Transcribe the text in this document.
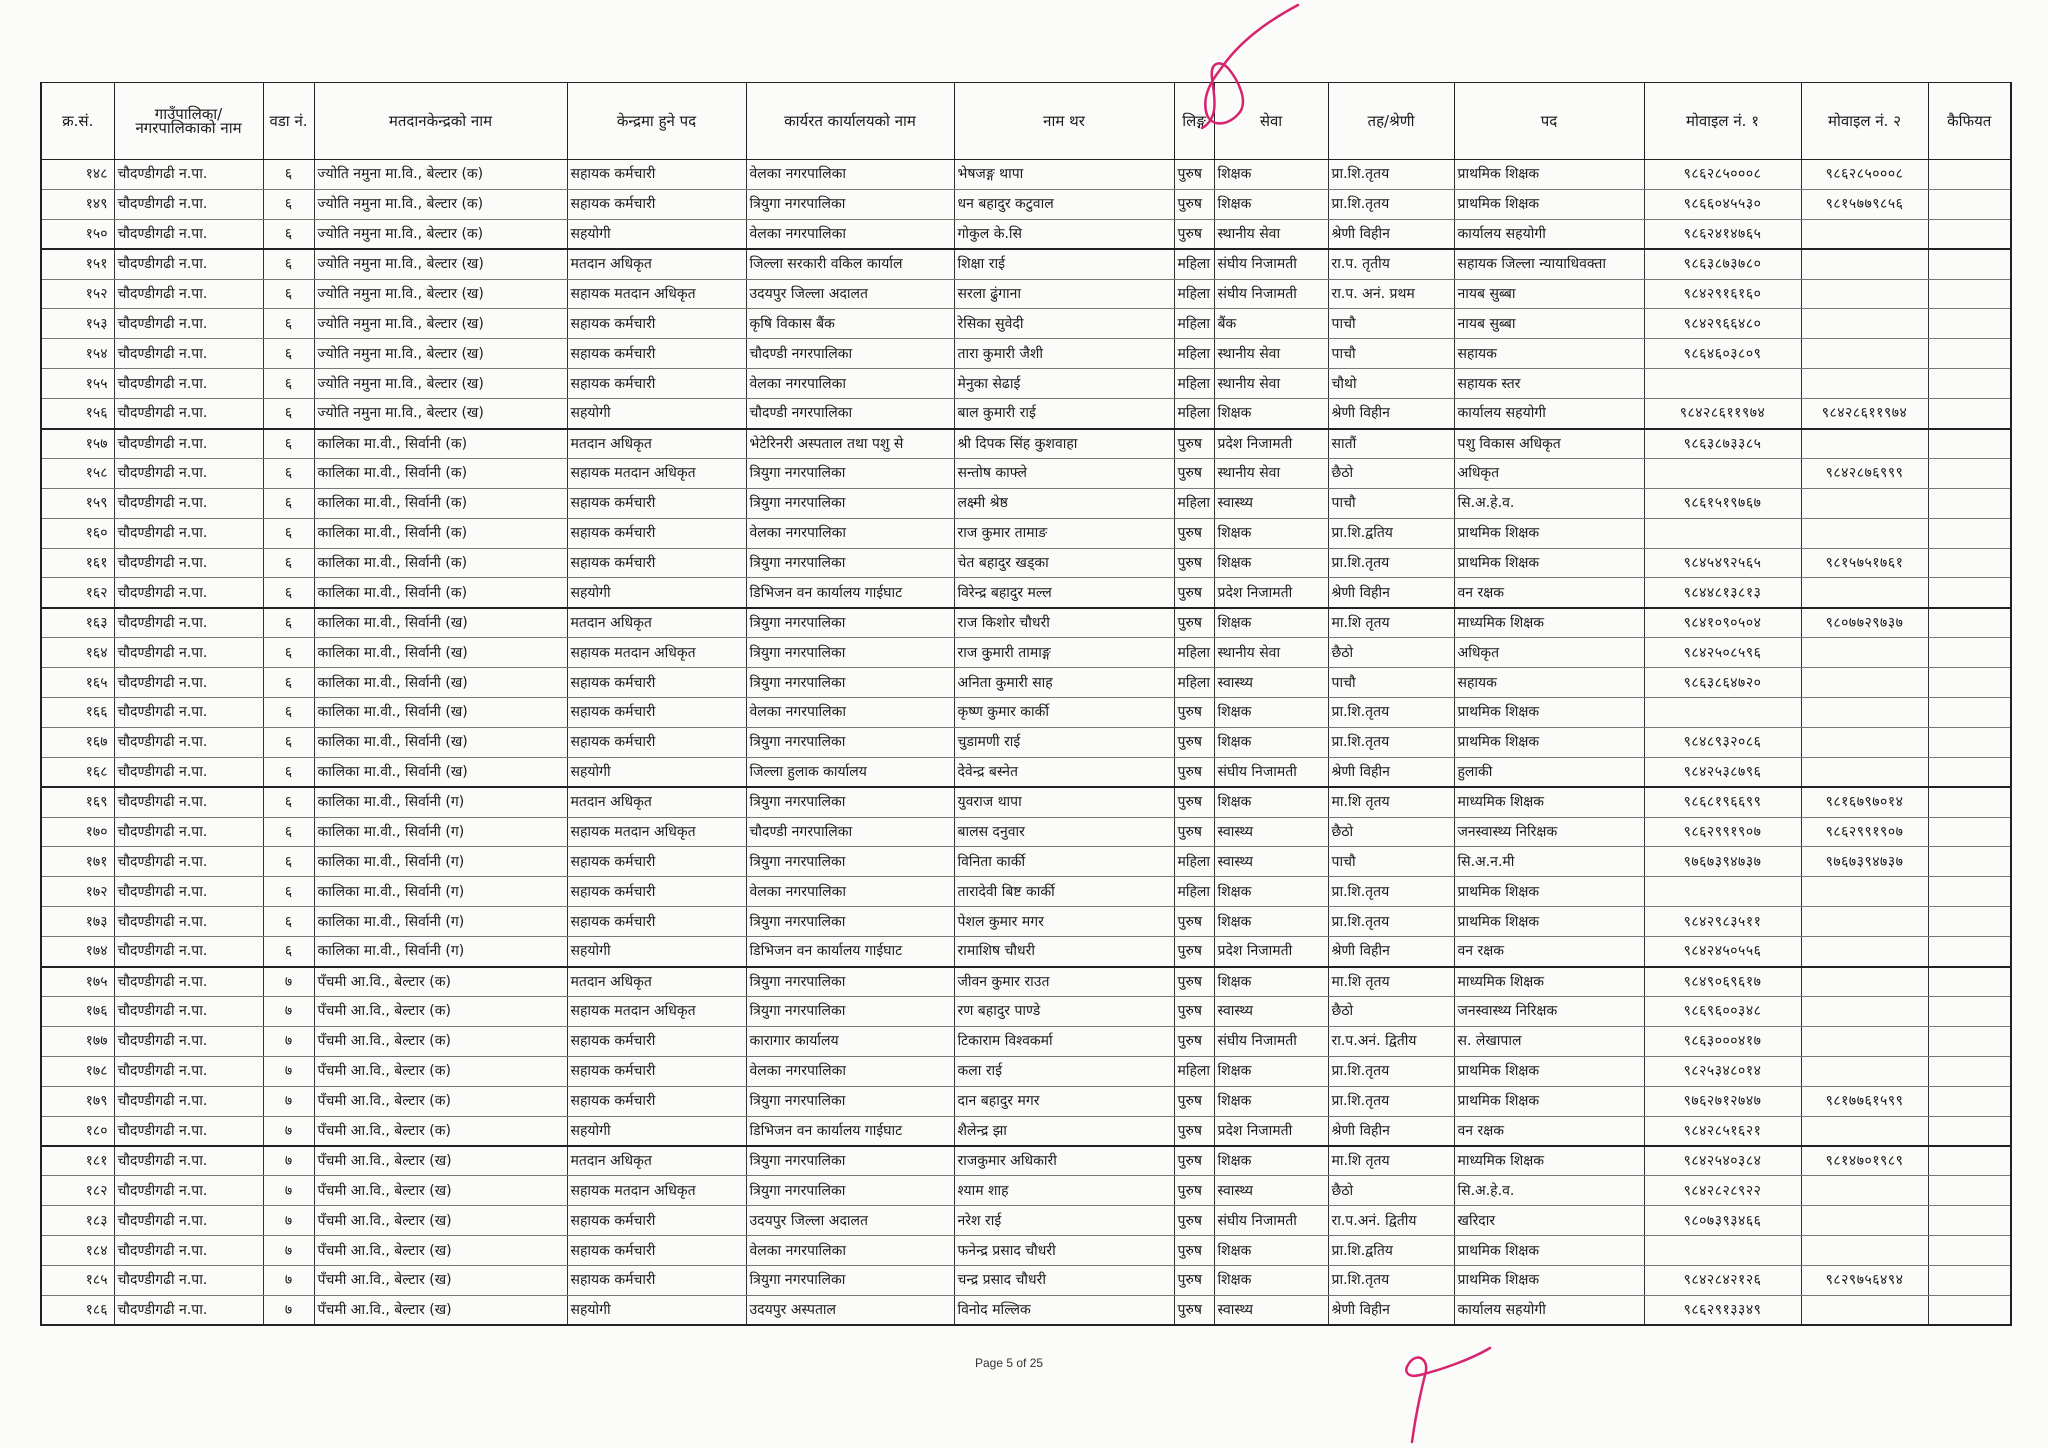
क्र.सं.	गाउँपालिका/नगरपालिकाको नाम	वडा नं.	मतदानकेन्द्रको नाम	केन्द्रमा हुने पद	कार्यरत कार्यालयको नाम	नाम थर	लिङ्ग	सेवा	तह/श्रेणी	पद	मोवाइल नं. १	मोवाइल नं. २	कैफियत
१४८	चौदण्डीगढी न.पा.	६	ज्योति नमुना मा.वि., बेल्टार (क)	सहायक कर्मचारी	वेलका नगरपालिका	भेषजङ्ग थापा	पुरुष	शिक्षक	प्रा.शि.तृतय	प्राथमिक शिक्षक	९८६२८५०००८	९८६२८५०००८	
१४९	चौदण्डीगढी न.पा.	६	ज्योति नमुना मा.वि., बेल्टार (क)	सहायक कर्मचारी	त्रियुगा नगरपालिका	धन बहादुर कटुवाल	पुरुष	शिक्षक	प्रा.शि.तृतय	प्राथमिक शिक्षक	९८६६०४५५३०	९८१५७७९८५६	
१५०	चौदण्डीगढी न.पा.	६	ज्योति नमुना मा.वि., बेल्टार (क)	सहयोगी	वेलका नगरपालिका	गोकुल के.सि	पुरुष	स्थानीय सेवा	श्रेणी विहीन	कार्यालय सहयोगी	९८६२४१४७६५		
१५१	चौदण्डीगढी न.पा.	६	ज्योति नमुना मा.वि., बेल्टार (ख)	मतदान अधिकृत	जिल्ला सरकारी वकिल कार्याल	शिक्षा राई	महिला	संघीय निजामती	रा.प. तृतीय	सहायक जिल्ला न्यायाधिवक्ता	९८६३८७३७८०		
१५२	चौदण्डीगढी न.पा.	६	ज्योति नमुना मा.वि., बेल्टार (ख)	सहायक मतदान अधिकृत	उदयपुर जिल्ला अदालत	सरला ढुंगाना	महिला	संघीय निजामती	रा.प. अनं. प्रथम	नायब सुब्बा	९८४२९१६१६०		
१५३	चौदण्डीगढी न.पा.	६	ज्योति नमुना मा.वि., बेल्टार (ख)	सहायक कर्मचारी	कृषि विकास बैंक	रेसिका सुवेदी	महिला	बैंक	पाचौ	नायब सुब्बा	९८४२९६६४८०		
१५४	चौदण्डीगढी न.पा.	६	ज्योति नमुना मा.वि., बेल्टार (ख)	सहायक कर्मचारी	चौदण्डी नगरपालिका	तारा कुमारी जैशी	महिला	स्थानीय सेवा	पाचौ	सहायक	९८६४६०३८०९		
१५५	चौदण्डीगढी न.पा.	६	ज्योति नमुना मा.वि., बेल्टार (ख)	सहायक कर्मचारी	वेलका नगरपालिका	मेनुका सेढाई	महिला	स्थानीय सेवा	चौथो	सहायक स्तर			
१५६	चौदण्डीगढी न.पा.	६	ज्योति नमुना मा.वि., बेल्टार (ख)	सहयोगी	चौदण्डी नगरपालिका	बाल कुमारी राई	महिला	शिक्षक	श्रेणी विहीन	कार्यालय सहयोगी	९८४२८६११९७४	९८४२८६११९७४	
१५७	चौदण्डीगढी न.पा.	६	कालिका मा.वी., सिर्वानी (क)	मतदान अधिकृत	भेटेरिनरी अस्पताल तथा पशु से	श्री दिपक सिंह कुशवाहा	पुरुष	प्रदेश निजामती	सातौं	पशु विकास अधिकृत	९८६३८७३३८५		
१५८	चौदण्डीगढी न.पा.	६	कालिका मा.वी., सिर्वानी (क)	सहायक मतदान अधिकृत	त्रियुगा नगरपालिका	सन्तोष काफ्ले	पुरुष	स्थानीय सेवा	छैठो	अधिकृत		९८४२८७६९९९	
१५९	चौदण्डीगढी न.पा.	६	कालिका मा.वी., सिर्वानी (क)	सहायक कर्मचारी	त्रियुगा नगरपालिका	लक्ष्मी श्रेष्ठ	महिला	स्वास्थ्य	पाचौ	सि.अ.हे.व.	९८६१५१९७६७		
१६०	चौदण्डीगढी न.पा.	६	कालिका मा.वी., सिर्वानी (क)	सहायक कर्मचारी	वेलका नगरपालिका	राज कुमार तामाङ	पुरुष	शिक्षक	प्रा.शि.द्वतिय	प्राथमिक शिक्षक			
१६१	चौदण्डीगढी न.पा.	६	कालिका मा.वी., सिर्वानी (क)	सहायक कर्मचारी	त्रियुगा नगरपालिका	चेत बहादुर खड्का	पुरुष	शिक्षक	प्रा.शि.तृतय	प्राथमिक शिक्षक	९८४५४९२५६५	९८१५७५१७६१	
१६२	चौदण्डीगढी न.पा.	६	कालिका मा.वी., सिर्वानी (क)	सहयोगी	डिभिजन वन कार्यालय गाईघाट	विरेन्द्र बहादुर मल्ल	पुरुष	प्रदेश निजामती	श्रेणी विहीन	वन रक्षक	९८४४८१३८१३		
१६३	चौदण्डीगढी न.पा.	६	कालिका मा.वी., सिर्वानी (ख)	मतदान अधिकृत	त्रियुगा नगरपालिका	राज किशोर चौधरी	पुरुष	शिक्षक	मा.शि तृतय	माध्यमिक शिक्षक	९८४१०९०५०४	९८०७७२९७३७	
१६४	चौदण्डीगढी न.पा.	६	कालिका मा.वी., सिर्वानी (ख)	सहायक मतदान अधिकृत	त्रियुगा नगरपालिका	राज कुुमारी तामाङ्ग	महिला	स्थानीय सेवा	छैठो	अधिकृत	९८४२५०८५९६		
१६५	चौदण्डीगढी न.पा.	६	कालिका मा.वी., सिर्वानी (ख)	सहायक कर्मचारी	त्रियुगा नगरपालिका	अनिता कुमारी साह	महिला	स्वास्थ्य	पाचौ	सहायक	९८६३८६४७२०		
१६६	चौदण्डीगढी न.पा.	६	कालिका मा.वी., सिर्वानी (ख)	सहायक कर्मचारी	वेलका नगरपालिका	कृष्ण कुमार कार्की	पुरुष	शिक्षक	प्रा.शि.तृतय	प्राथमिक शिक्षक			
१६७	चौदण्डीगढी न.पा.	६	कालिका मा.वी., सिर्वानी (ख)	सहायक कर्मचारी	त्रियुगा नगरपालिका	चुडामणी राई	पुरुष	शिक्षक	प्रा.शि.तृतय	प्राथमिक शिक्षक	९८४८९३२०८६		
१६८	चौदण्डीगढी न.पा.	६	कालिका मा.वी., सिर्वानी (ख)	सहयोगी	जिल्ला हुलाक कार्यालय	देेवेन्द्र बस्नेत	पुरुष	संघीय निजामती	श्रेणी विहीन	हुलाकी	९८४२५३८७९६		
१६९	चौदण्डीगढी न.पा.	६	कालिका मा.वी., सिर्वानी (ग)	मतदान अधिकृत	त्रियुगा नगरपालिका	युवराज थापा	पुरुष	शिक्षक	मा.शि तृतय	माध्यमिक शिक्षक	९८६८१९६६९९	९८१६७९७०१४	
१७०	चौदण्डीगढी न.पा.	६	कालिका मा.वी., सिर्वानी (ग)	सहायक मतदान अधिकृत	चौदण्डी नगरपालिका	बालस दनुवार	पुरुष	स्वास्थ्य	छैठो	जनस्वास्थ्य निरिक्षक	९८६२९९१९०७	९८६२९९१९०७	
१७१	चौदण्डीगढी न.पा.	६	कालिका मा.वी., सिर्वानी (ग)	सहायक कर्मचारी	त्रियुगा नगरपालिका	विनिता कार्की	महिला	स्वास्थ्य	पाचौ	सि.अ.न.मी	९७६७३९४७३७	९७६७३९४७३७	
१७२	चौदण्डीगढी न.पा.	६	कालिका मा.वी., सिर्वानी (ग)	सहायक कर्मचारी	वेलका नगरपालिका	तारादेवी बिष्ट कार्की	महिला	शिक्षक	प्रा.शि.तृतय	प्राथमिक शिक्षक			
१७३	चौदण्डीगढी न.पा.	६	कालिका मा.वी., सिर्वानी (ग)	सहायक कर्मचारी	त्रियुगा नगरपालिका	पेशल कुमार मगर	पुरुष	शिक्षक	प्रा.शि.तृतय	प्राथमिक शिक्षक	९८४२९८३५११		
१७४	चौदण्डीगढी न.पा.	६	कालिका मा.वी., सिर्वानी (ग)	सहयोगी	डिभिजन वन कार्यालय गाईघाट	रामाशिष चौधरी	पुरुष	प्रदेश निजामती	श्रेणी विहीन	वन रक्षक	९८४२४५०५५६		
१७५	चौदण्डीगढी न.पा.	७	पँचमी आ.वि., बेल्टार (क)	मतदान अधिकृत	त्रियुगा नगरपालिका	जीवन कुमार राउत	पुरुष	शिक्षक	मा.शि तृतय	माध्यमिक शिक्षक	९८४९०६९६१७		
१७६	चौदण्डीगढी न.पा.	७	पँचमी आ.वि., बेल्टार (क)	सहायक मतदान अधिकृत	त्रियुगा नगरपालिका	रण बहादुर पाण्डे	पुरुष	स्वास्थ्य	छैठो	जनस्वास्थ्य निरिक्षक	९८६९६००३४८		
१७७	चौदण्डीगढी न.पा.	७	पँचमी आ.वि., बेल्टार (क)	सहायक कर्मचारी	कारागार कार्यालय	टिकाराम विश्वकर्मा	पुरुष	संघीय निजामती	रा.प.अनं. द्वितीय	स. लेखापाल	९८६३०००४१७		
१७८	चौदण्डीगढी न.पा.	७	पँचमी आ.वि., बेल्टार (क)	सहायक कर्मचारी	वेलका नगरपालिका	कला राई	महिला	शिक्षक	प्रा.शि.तृतय	प्राथमिक शिक्षक	९८२५३४८०१४		
१७९	चौदण्डीगढी न.पा.	७	पँचमी आ.वि., बेल्टार (क)	सहायक कर्मचारी	त्रियुगा नगरपालिका	दान बहादुर मगर	पुरुष	शिक्षक	प्रा.शि.तृतय	प्राथमिक शिक्षक	९७६२७१२७४७	९८१७७६१५९९	
१८०	चौदण्डीगढी न.पा.	७	पँचमी आ.वि., बेल्टार (क)	सहयोगी	डिभिजन वन कार्यालय गाईघाट	शैलेन्द्र झा	पुरुष	प्रदेश निजामती	श्रेणी विहीन	वन रक्षक	९८४२८५१६२१		
१८१	चौदण्डीगढी न.पा.	७	पँचमी आ.वि., बेल्टार (ख)	मतदान अधिकृत	त्रियुगा नगरपालिका	राजकुमार अधिकारी	पुरुष	शिक्षक	मा.शि तृतय	माध्यमिक शिक्षक	९८४२५४०३८४	९८१४७०१९८९	
१८२	चौदण्डीगढी न.पा.	७	पँचमी आ.वि., बेल्टार (ख)	सहायक मतदान अधिकृत	त्रियुगा नगरपालिका	श्याम शाह	पुरुष	स्वास्थ्य	छैठो	सि.अ.हे.व.	९८४२८२८९२२		
१८३	चौदण्डीगढी न.पा.	७	पँचमी आ.वि., बेल्टार (ख)	सहायक कर्मचारी	उदयपुर जिल्ला अदालत	नरेश राई	पुरुष	संघीय निजामती	रा.प.अनं. द्वितीय	खरिदार	९८०७३९३४६६		
१८४	चौदण्डीगढी न.पा.	७	पँचमी आ.वि., बेल्टार (ख)	सहायक कर्मचारी	वेलका नगरपालिका	फनेन्द्र प्रसाद चाैधरी	पुरुष	शिक्षक	प्रा.शि.द्वतिय	प्राथमिक शिक्षक			
१८५	चौदण्डीगढी न.पा.	७	पँचमी आ.वि., बेल्टार (ख)	सहायक कर्मचारी	त्रियुगा नगरपालिका	चन्द्र प्रसाद चौधरी	पुरुष	शिक्षक	प्रा.शि.तृतय	प्राथमिक शिक्षक	९८४२८४२१२६	९८२९७५६४९४	
१८६	चौदण्डीगढी न.पा.	७	पँचमी आ.वि., बेल्टार (ख)	सहयोगी	उदयपुर अस्पताल	विनोद मल्लिक	पुरुष	स्वास्थ्य	श्रेणी विहीन	कार्यालय सहयोगी	९८६२९१३३४९		
Page 5 of 25
